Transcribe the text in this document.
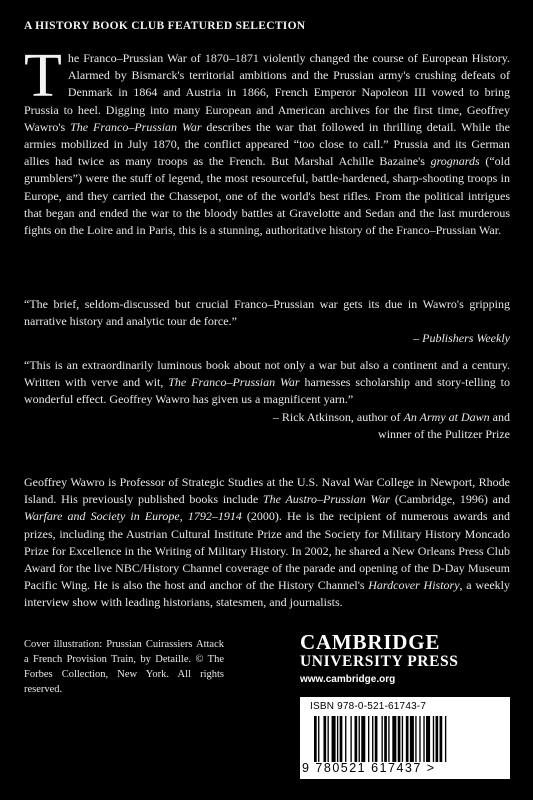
A HISTORY BOOK CLUB FEATURED SELECTION
The Franco–Prussian War of 1870–1871 violently changed the course of European History. Alarmed by Bismarck's territorial ambitions and the Prussian army's crushing defeats of Denmark in 1864 and Austria in 1866, French Emperor Napoleon III vowed to bring Prussia to heel. Digging into many European and American archives for the first time, Geoffrey Wawro's The Franco–Prussian War describes the war that followed in thrilling detail. While the armies mobilized in July 1870, the conflict appeared “too close to call.” Prussia and its German allies had twice as many troops as the French. But Marshal Achille Bazaine's grognards (“old grumblers”) were the stuff of legend, the most resourceful, battle-hardened, sharp-shooting troops in Europe, and they carried the Chassepot, one of the world's best rifles. From the political intrigues that began and ended the war to the bloody battles at Gravelotte and Sedan and the last murderous fights on the Loire and in Paris, this is a stunning, authoritative history of the Franco–Prussian War.
“The brief, seldom-discussed but crucial Franco–Prussian war gets its due in Wawro's gripping narrative history and analytic tour de force.”
– Publishers Weekly
“This is an extraordinarily luminous book about not only a war but also a continent and a century. Written with verve and wit, The Franco–Prussian War harnesses scholarship and story-telling to wonderful effect. Geoffrey Wawro has given us a magnificent yarn.”
– Rick Atkinson, author of An Army at Dawn and
winner of the Pulitzer Prize
Geoffrey Wawro is Professor of Strategic Studies at the U.S. Naval War College in Newport, Rhode Island. His previously published books include The Austro–Prussian War (Cambridge, 1996) and Warfare and Society in Europe, 1792–1914 (2000). He is the recipient of numerous awards and prizes, including the Austrian Cultural Institute Prize and the Society for Military History Moncado Prize for Excellence in the Writing of Military History. In 2002, he shared a New Orleans Press Club Award for the live NBC/History Channel coverage of the parade and opening of the D-Day Museum Pacific Wing. He is also the host and anchor of the History Channel's Hardcover History, a weekly interview show with leading historians, statesmen, and journalists.
Cover illustration: Prussian Cuirassiers Attack a French Provision Train, by Detaille. © The Forbes Collection, New York. All rights reserved.
CAMBRIDGE
UNIVERSITY PRESS
www.cambridge.org
ISBN 978-0-521-61743-7
9 780521 617437 >
